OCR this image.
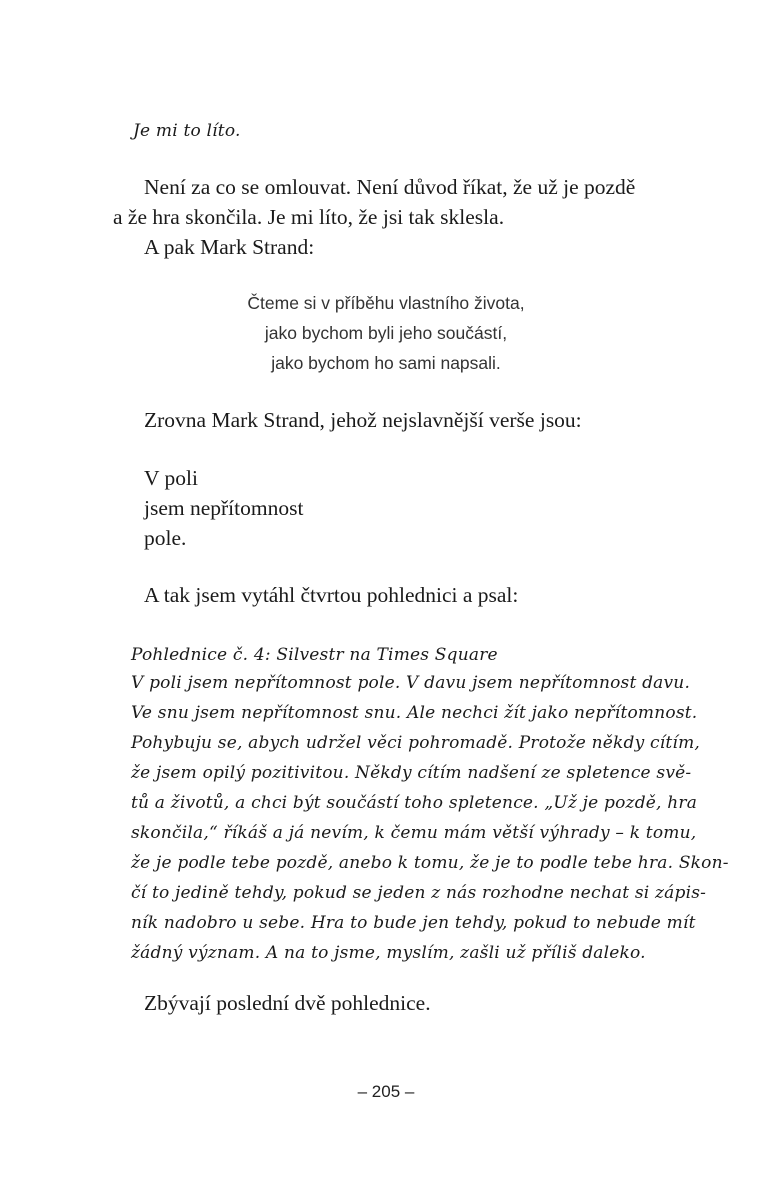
Je mi to líto.
Není za co se omlouvat. Není důvod říkat, že už je pozdě
a že hra skončila. Je mi líto, že jsi tak sklesla.
A pak Mark Strand:
Čteme si v příběhu vlastního života,
jako bychom byli jeho součástí,
jako bychom ho sami napsali.
Zrovna Mark Strand, jehož nejslavnější verše jsou:
V poli
jsem nepřítomnost
pole.
A tak jsem vytáhl čtvrtou pohlednici a psal:
Pohlednice č. 4: Silvestr na Times Square
V poli jsem nepřítomnost pole. V davu jsem nepřítomnost davu.
Ve snu jsem nepřítomnost snu. Ale nechci žít jako nepřítomnost.
Pohybuju se, abych udržel věci pohromadě. Protože někdy cítím,
že jsem opilý pozitivitou. Někdy cítím nadšení ze spletence svě-
tů a životů, a chci být součástí toho spletence. „Už je pozdě, hra
skončila,“ říkáš a já nevím, k čemu mám větší výhrady – k tomu,
že je podle tebe pozdě, anebo k tomu, že je to podle tebe hra. Skon-
čí to jedině tehdy, pokud se jeden z nás rozhodne nechat si zápis-
ník nadobro u sebe. Hra to bude jen tehdy, pokud to nebude mít
žádný význam. A na to jsme, myslím, zašli už příliš daleko.
Zbývají poslední dvě pohlednice.
– 205 –
